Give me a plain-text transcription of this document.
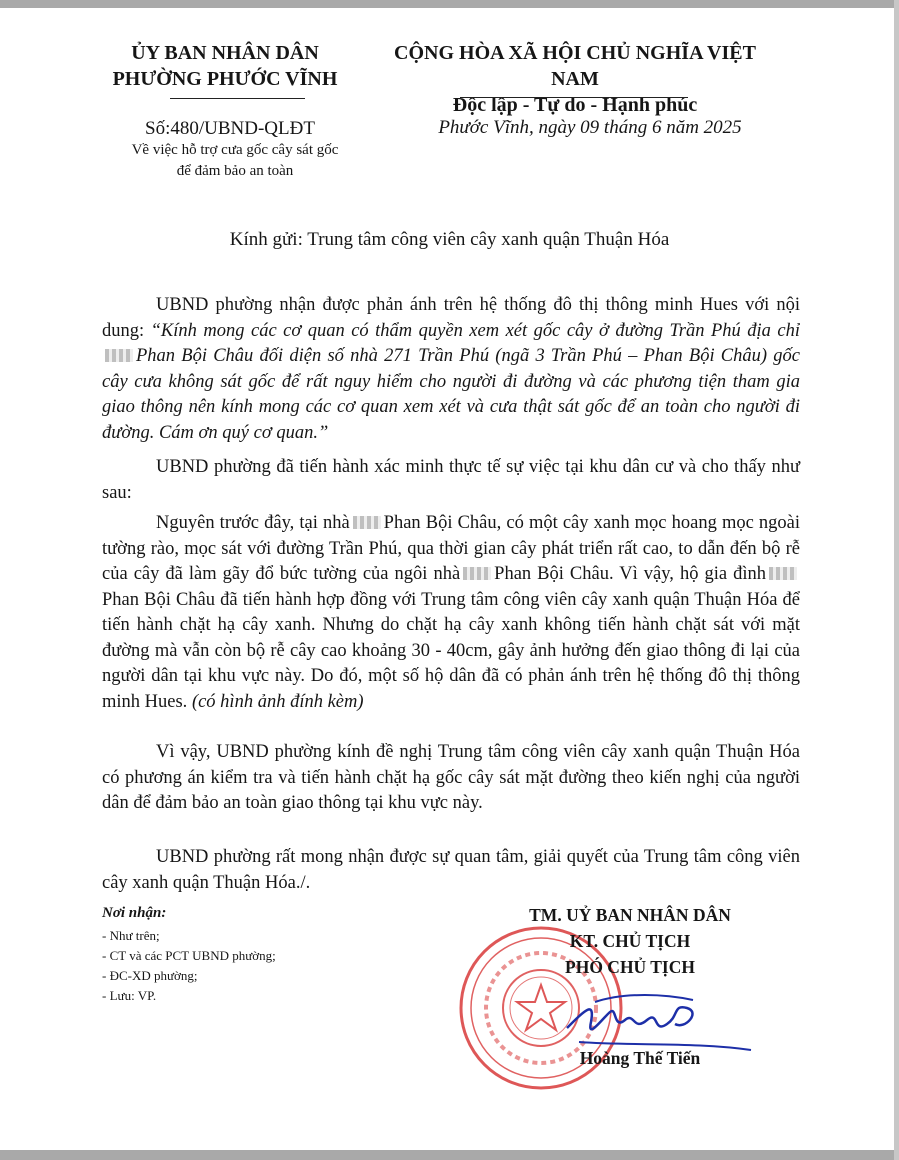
ỦY BAN NHÂN DÂN
PHƯỜNG PHƯỚC VĨNH
CỘNG HÒA XÃ HỘI CHỦ NGHĨA VIỆT NAM
Độc lập - Tự do - Hạnh phúc
Số:480/UBND-QLĐT
Về việc hỗ trợ cưa gốc cây sát gốc
để đảm bảo an toàn
Phước Vĩnh, ngày 09 tháng 6 năm 2025
Kính gửi: Trung tâm công viên cây xanh quận Thuận Hóa
UBND phường nhận được phản ánh trên hệ thống đô thị thông minh Hues với nội dung: “Kính mong các cơ quan có thẩm quyền xem xét gốc cây ở đường Trần Phú địa chỉPhan Bội Châu đối diện số nhà 271 Trần Phú (ngã 3 Trần Phú – Phan Bội Châu) gốc cây cưa không sát gốc để rất nguy hiểm cho người đi đường và các phương tiện tham gia giao thông nên kính mong các cơ quan xem xét và cưa thật sát gốc để an toàn cho người đi đường. Cám ơn quý cơ quan.”
UBND phường đã tiến hành xác minh thực tế sự việc tại khu dân cư và cho thấy như sau:
Nguyên trước đây, tại nhà Phan Bội Châu, có một cây xanh mọc hoang mọc ngoài tường rào, mọc sát với đường Trần Phú, qua thời gian cây phát triển rất cao, to dẫn đến bộ rễ của cây đã làm gãy đổ bức tường của ngôi nhà Phan Bội Châu. Vì vậy, hộ gia đìnhPhan Bội Châu đã tiến hành hợp đồng với Trung tâm công viên cây xanh quận Thuận Hóa để tiến hành chặt hạ cây xanh. Nhưng do chặt hạ cây xanh không tiến hành chặt sát với mặt đường mà vẫn còn bộ rễ cây cao khoảng 30 - 40cm, gây ảnh hưởng đến giao thông đi lại của người dân tại khu vực này. Do đó, một số hộ dân đã có phản ánh trên hệ thống đô thị thông minh Hues. (có hình ảnh đính kèm)
Vì vậy, UBND phường kính đề nghị Trung tâm công viên cây xanh quận Thuận Hóa có phương án kiểm tra và tiến hành chặt hạ gốc cây sát mặt đường theo kiến nghị của người dân để đảm bảo an toàn giao thông tại khu vực này.
UBND phường rất mong nhận được sự quan tâm, giải quyết của Trung tâm công viên cây xanh quận Thuận Hóa./.
Nơi nhận:
- Như trên;
- CT và các PCT UBND phường;
- ĐC-XD phường;
- Lưu: VP.
TM. UỶ BAN NHÂN DÂN
KT. CHỦ TỊCH
PHÓ CHỦ TỊCH
Hoàng Thế Tiến
